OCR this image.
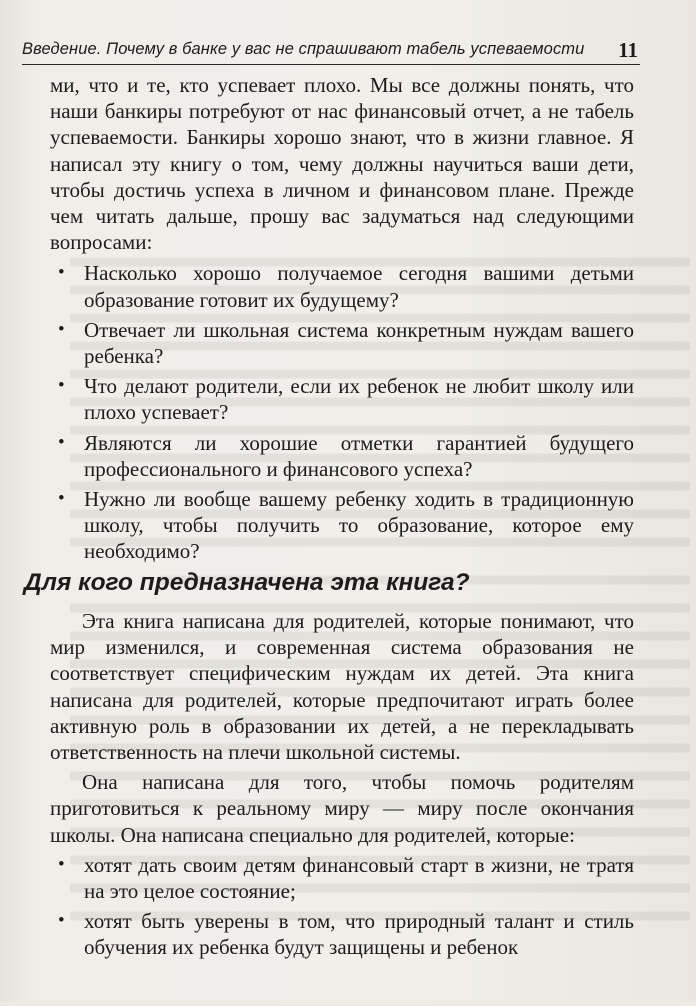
Введение. Почему в банке у вас не спрашивают табель успеваемости 11

ми, что и те, кто успевает плохо. Мы все должны понять, что наши банкиры потребуют от нас финансовый отчет, а не табель успеваемости. Банкиры хорошо знают, что в жизни главное. Я написал эту книгу о том, чему должны научиться ваши дети, чтобы достичь успеха в личном и финансовом плане. Прежде чем читать дальше, прошу вас задуматься над следующими вопросами:

• Насколько хорошо получаемое сегодня вашими детьми образование готовит их будущему?
• Отвечает ли школьная система конкретным нуждам вашего ребенка?
• Что делают родители, если их ребенок не любит школу или плохо успевает?
• Являются ли хорошие отметки гарантией будущего профессионального и финансового успеха?
• Нужно ли вообще вашему ребенку ходить в традиционную школу, чтобы получить то образование, которое ему необходимо?
Для кого предназначена эта книга?

Эта книга написана для родителей, которые понимают, что мир изменился, и современная система образования не соответствует специфическим нуждам их детей. Эта книга написана для родителей, которые предпочитают играть более активную роль в образовании их детей, а не перекладывать ответственность на плечи школьной системы.

Она написана для того, чтобы помочь родителям приготовиться к реальному миру — миру после окончания школы. Она написана специально для родителей, которые:

• хотят дать своим детям финансовый старт в жизни, не тратя на это целое состояние;
• хотят быть уверены в том, что природный талант и стиль обучения их ребенка будут защищены и ребенок
